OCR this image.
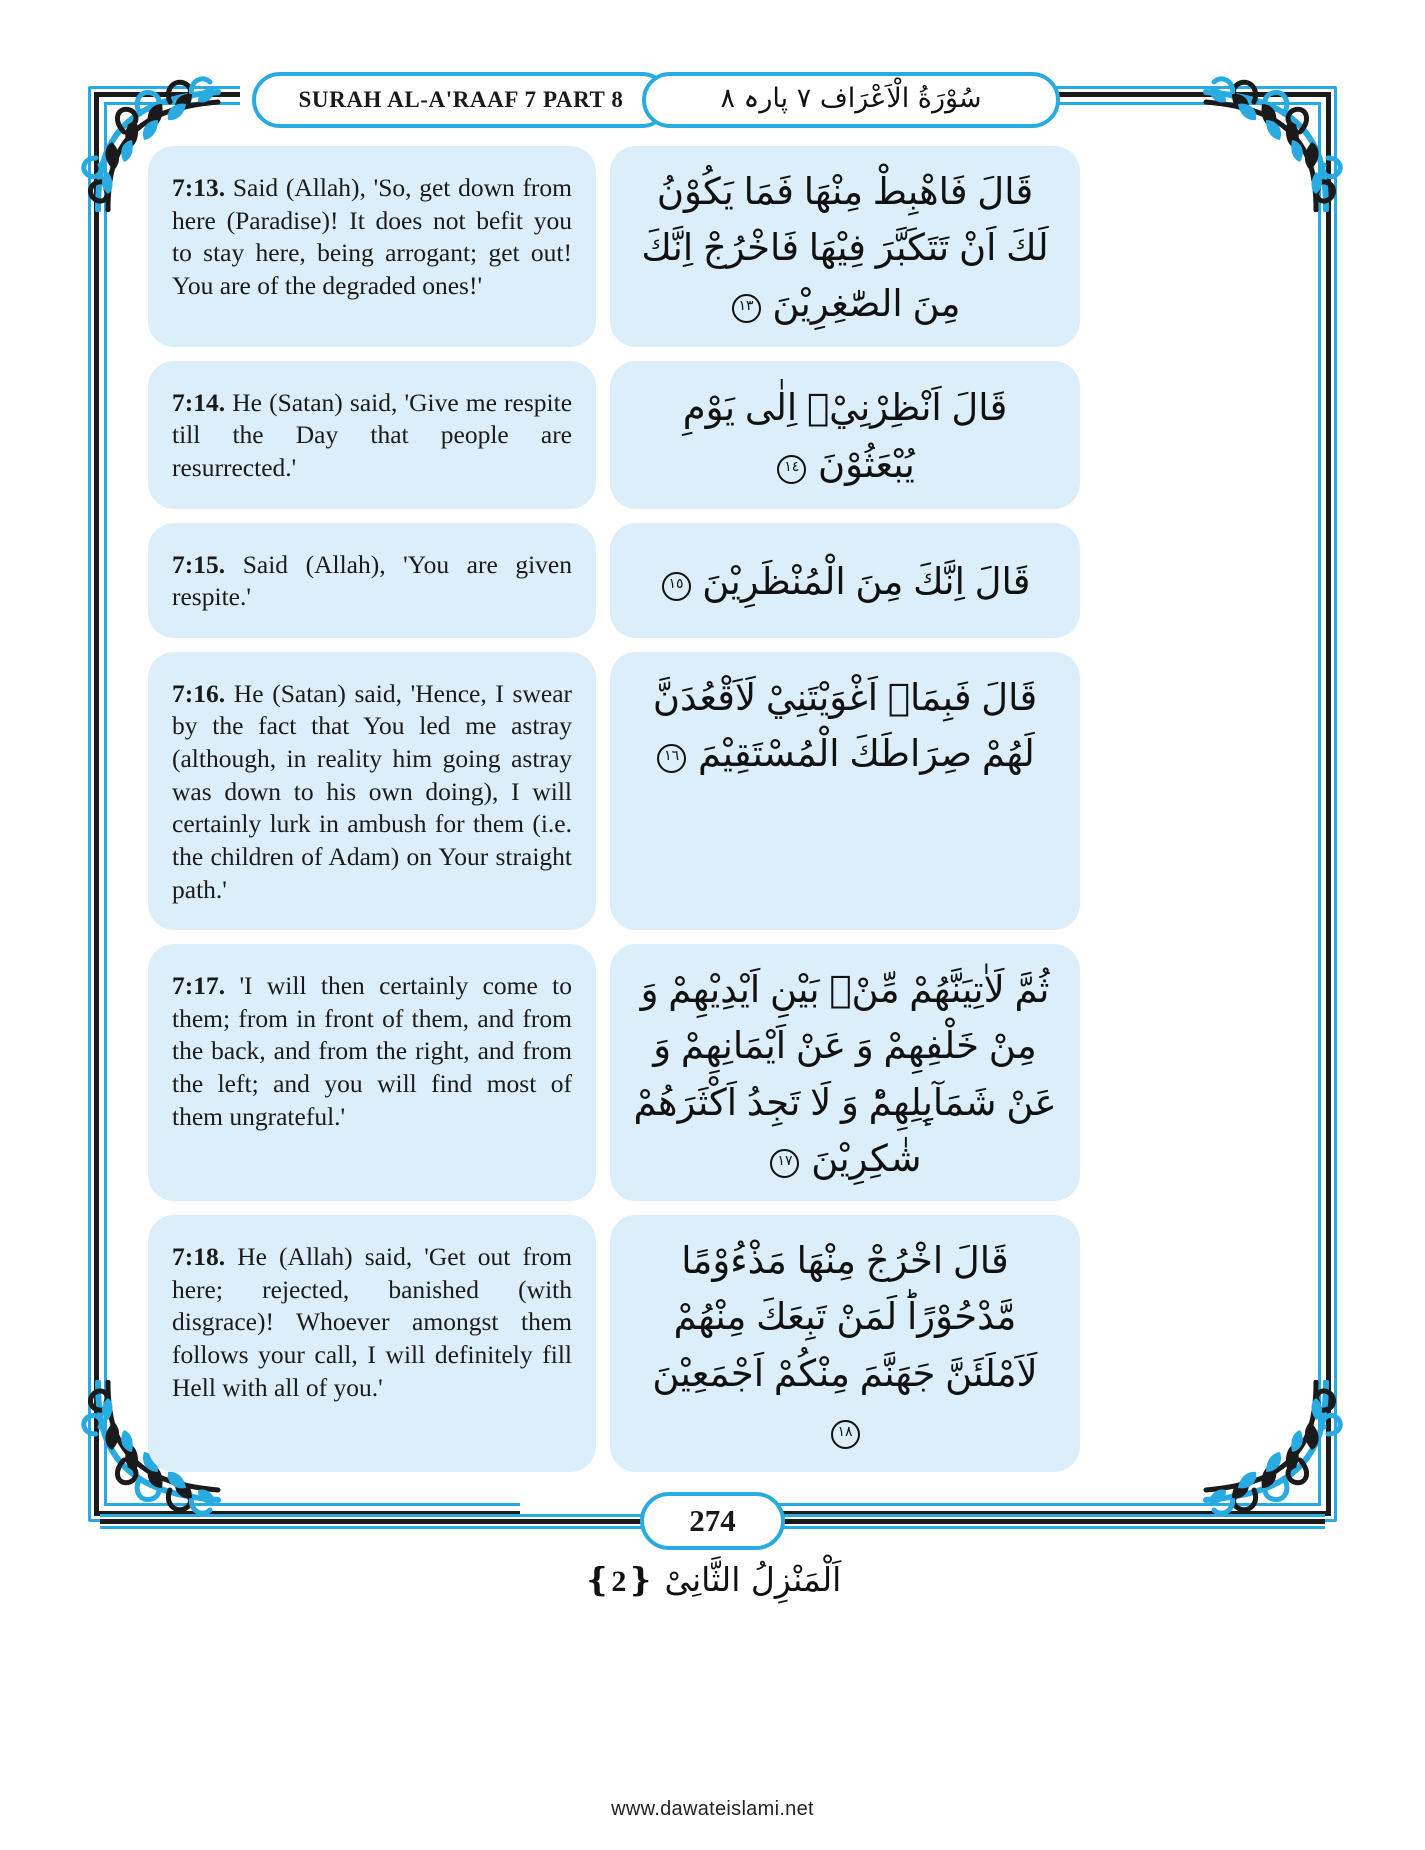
SURAH AL-A'RAAF 7 PART 8	سُوْرَةُ الْاَعْرَاف ٧ پارہ ٨
7:13. Said (Allah), 'So, get down from here (Paradise)! It does not befit you to stay here, being arrogant; get out! You are of the degraded ones!'
قَالَ فَاهْبِطْ مِنْهَا فَمَا يَكُوْنُ لَكَ اَنْ تَتَكَبَّرَ فِيْهَا فَاخْرُجْ اِنَّكَ مِنَ الصّٰغِرِيْنَ ١٣
7:14. He (Satan) said, 'Give me respite till the Day that people are resurrected.'
قَالَ اَنْظِرْنِيْۤ اِلٰى يَوْمِ يُبْعَثُوْنَ ١٤
7:15. Said (Allah), 'You are given respite.'	قَالَ اِنَّكَ مِنَ الْمُنْظَرِيْنَ ١٥
7:16. He (Satan) said, 'Hence, I swear by the fact that You led me astray (although, in reality him going astray was down to his own doing), I will certainly lurk in ambush for them (i.e. the children of Adam) on Your straight path.'
قَالَ فَبِمَاۤ اَغْوَيْتَنِيْ لَاَقْعُدَنَّ لَهُمْ صِرَاطَكَ الْمُسْتَقِيْمَ ١٦
7:17. 'I will then certainly come to them; from in front of them, and from the back, and from the right, and from the left; and you will find most of them ungrateful.'
ثُمَّ لَاٰتِيَنَّهُمْ مِّنْۢ بَيْنِ اَيْدِيْهِمْ وَ مِنْ خَلْفِهِمْ وَ عَنْ اَيْمَانِهِمْ وَ عَنْ شَمَآىِٕلِهِمْؕ وَ لَا تَجِدُ اَكْثَرَهُمْ شٰكِرِيْنَ ١٧
7:18. He (Allah) said, 'Get out from here; rejected, banished (with disgrace)! Whoever amongst them follows your call, I will definitely fill Hell with all of you.'
قَالَ اخْرُجْ مِنْهَا مَذْءُوْمًا مَّدْحُوْرًاؕ لَمَنْ تَبِعَكَ مِنْهُمْ لَاَمْلَئَنَّ جَهَنَّمَ مِنْكُمْ اَجْمَعِيْنَ ١٨
274
اَلْمَنْزِلُ الثَّانِیْ ❴2❵
www.dawateislami.net
